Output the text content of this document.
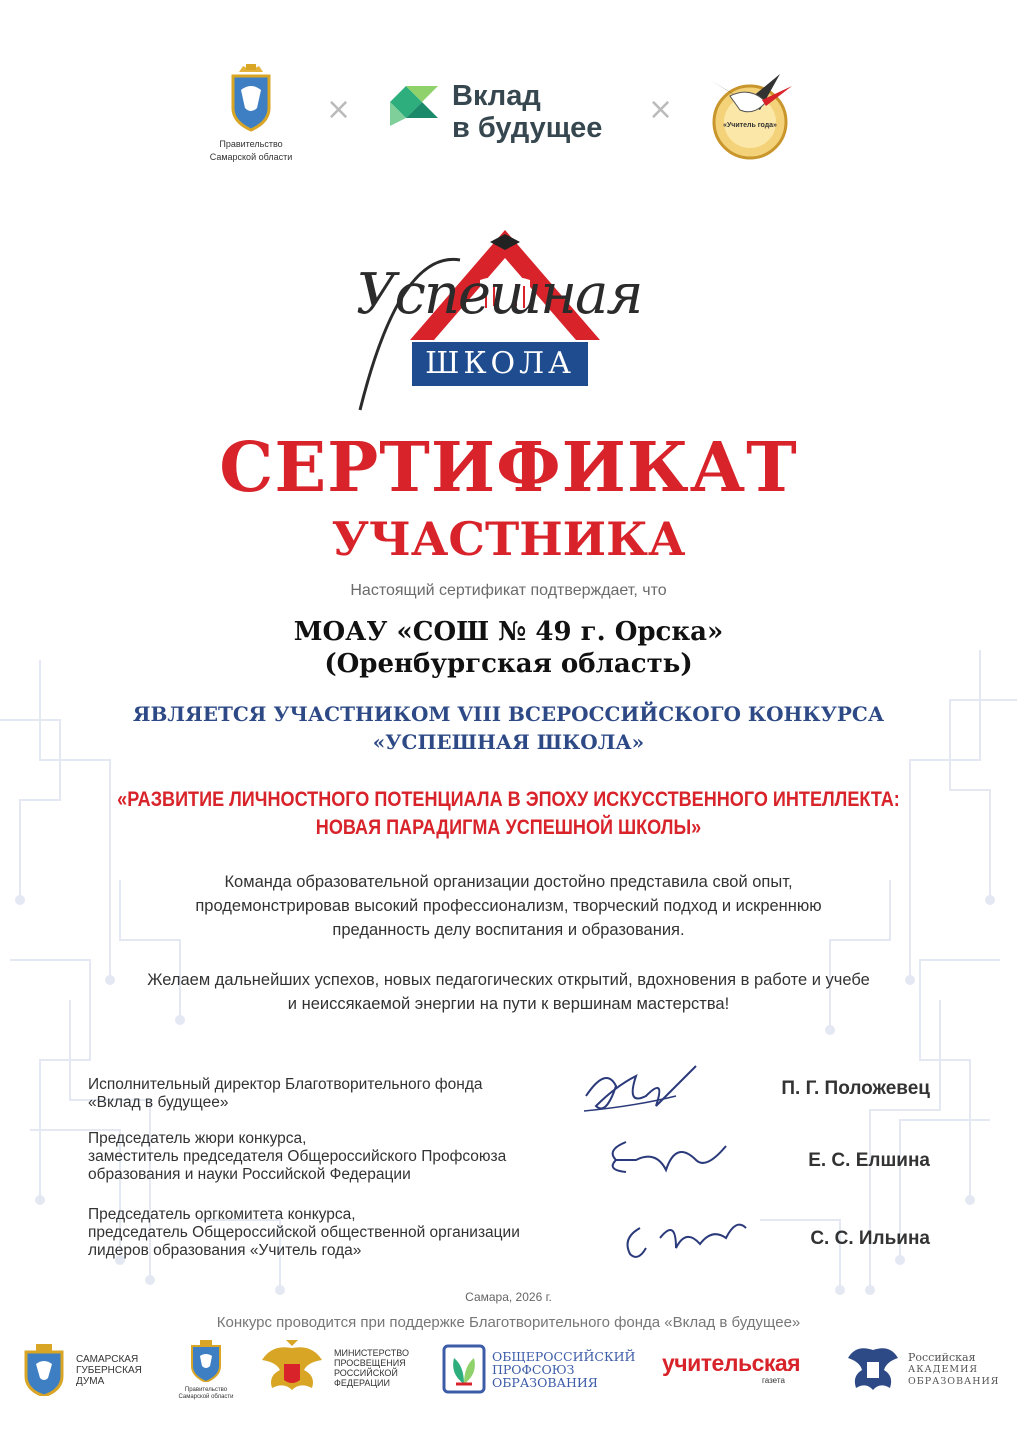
Правительство
Самарской области
×	Вклад
в будущее
×	«Учитель года»
Успешная
ШКОЛА
СЕРТИФИКАТ
УЧАСТНИКА
Настоящий сертификат подтверждает, что
МОАУ «СОШ № 49 г. Орска»
(Оренбургская область)
ЯВЛЯЕТСЯ УЧАСТНИКОМ VIII ВСЕРОССИЙСКОГО КОНКУРСА
«УСПЕШНАЯ ШКОЛА»
«РАЗВИТИЕ ЛИЧНОСТНОГО ПОТЕНЦИАЛА В ЭПОХУ ИСКУССТВЕННОГО ИНТЕЛЛЕКТА:
НОВАЯ ПАРАДИГМА УСПЕШНОЙ ШКОЛЫ»
Команда образовательной организации достойно представила свой опыт,
продемонстрировав высокий профессионализм, творческий подход и искреннюю
преданность делу воспитания и образования.
Желаем дальнейших успехов, новых педагогических открытий, вдохновения в работе и учебе
и неиссякаемой энергии на пути к вершинам мастерства!
Исполнительный директор Благотворительного фонда
«Вклад в будущее»
П. Г. Положевец
Председатель жюри конкурса,
заместитель председателя Общероссийского Профсоюза
образования и науки Российской Федерации
Е. С. Елшина
Председатель оргкомитета конкурса,
председатель Общероссийской общественной организации
лидеров образования «Учитель года»
С. С. Ильина
Самара, 2026 г.
Конкурс проводится при поддержке Благотворительного фонда «Вклад в будущее»
САМАРСКАЯ
ГУБЕРНСКАЯ
ДУМА
Правительство
Самарской области
МИНИСТЕРСТВО
ПРОСВЕЩЕНИЯ
РОССИЙСКОЙ
ФЕДЕРАЦИИ
ОБЩЕРОССИЙСКИЙ
ПРОФСОЮЗ
ОБРАЗОВАНИЯ
учительская
газета
Российская
АКАДЕМИЯ
ОБРАЗОВАНИЯ
